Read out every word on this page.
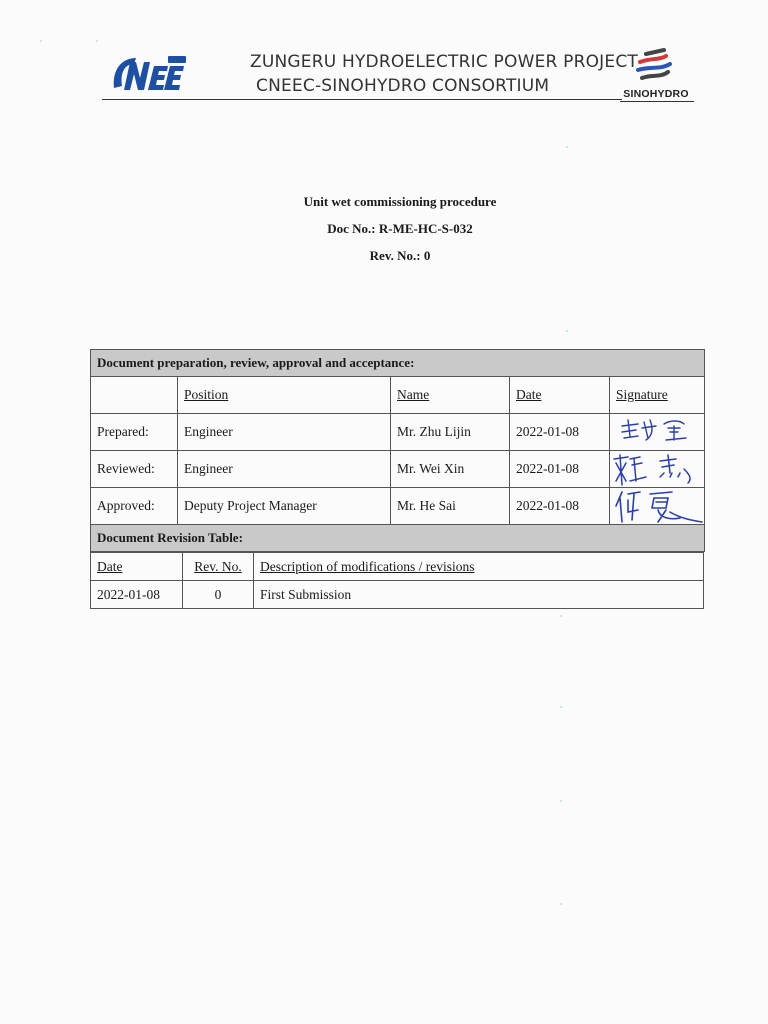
ZUNGERU HYDROELECTRIC POWER PROJECT
CNEEC-SINOHYDRO CONSORTIUM	SINOHYDRO
Unit wet commissioning procedure
Doc No.: R-ME-HC-S-032
Rev. No.: 0
Document preparation, review, approval and acceptance:				
	Position	Name	Date	Signature
Prepared:	Engineer	Mr. Zhu Lijin	2022-01-08	

Reviewed:	Engineer	Mr. Wei Xin	2022-01-08	

Approved:	Deputy Project Manager	Mr. He Sai	2022-01-08	

Document Revision Table:				
Date	Rev. No.	Description of modifications / revisions
2022-01-08	0	First Submission
